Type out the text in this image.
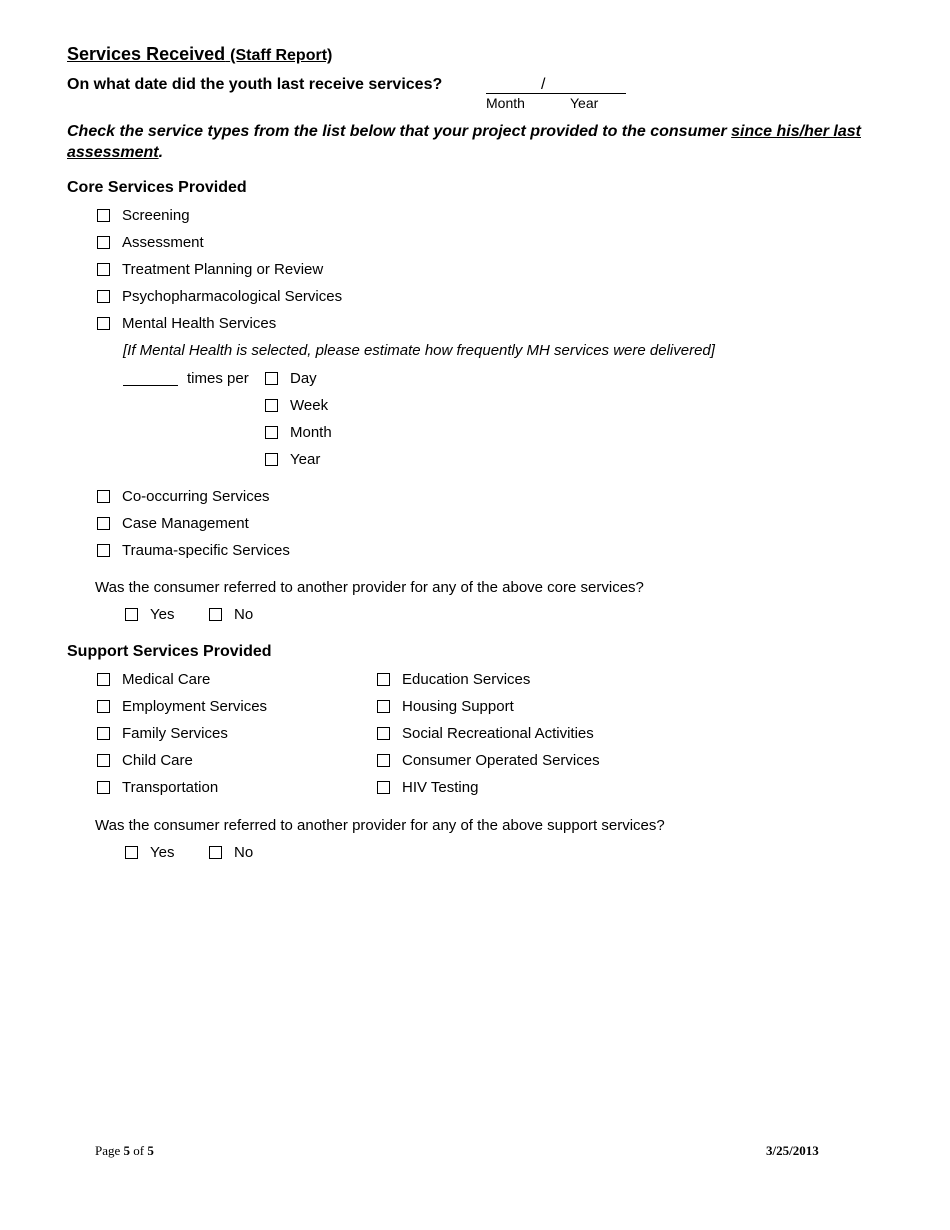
Services Received (Staff Report)
On what date did the youth last receive services?	/
Month	Year
Check the service types from the list below that your project provided to the consumer since his/her last assessment.
Core Services Provided
Screening
Assessment
Treatment Planning or Review
Psychopharmacological Services
Mental Health Services
[If Mental Health is selected, please estimate how frequently MH services were delivered]
times per	Day
Week
Month
Year
Co-occurring Services
Case Management
Trauma-specific Services
Was the consumer referred to another provider for any of the above core services?
Yes	No
Support Services Provided
Medical Care
Employment Services
Family Services
Child Care
Transportation
Education Services
Housing Support
Social Recreational Activities
Consumer Operated Services
HIV Testing
Was the consumer referred to another provider for any of the above support services?
Yes	No
Page 5 of 5	3/25/2013
